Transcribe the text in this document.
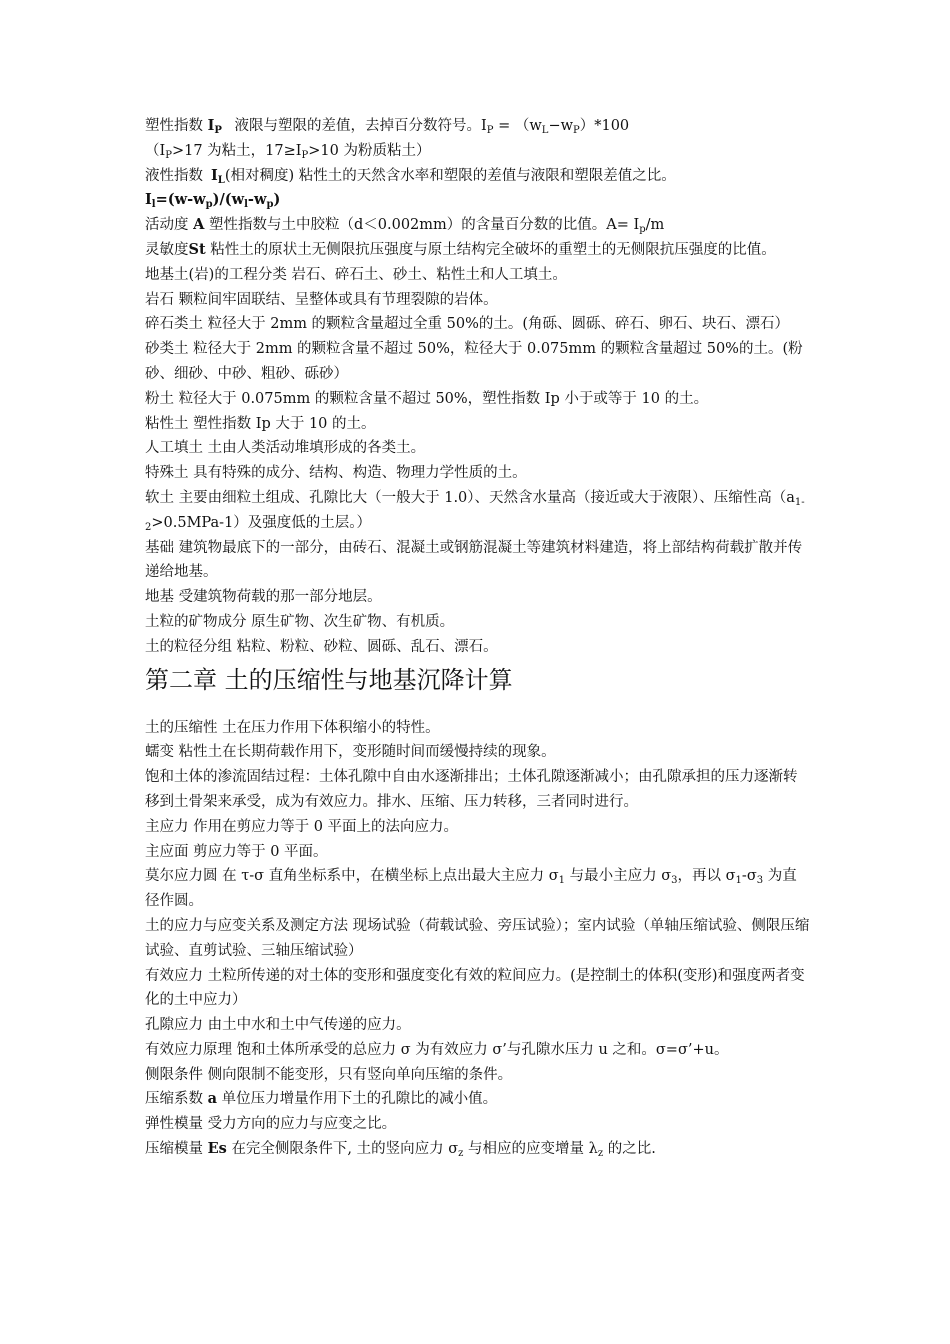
塑性指数 $I_P$ 液限与塑限的差值，去掉百分数符号。$I_P = (w_L-w_P)*100$

（$I_P>17$ 为粘土，$17\ge I_P>10$ 为粉质粘土）

液性指数 $I_L$(相对稠度) 粘性土的天然含水率和塑限的差值与液限和塑限差值之比。

$I_l=(w-w_p)/(w_l-w_p)$

活动度 A 塑性指数与土中胶粒（d＜0.002mm）的含量百分数的比值。$A= I_p/m$

灵敏度St 粘性土的原状土无侧限抗压强度与原土结构完全破坏的重塑土的无侧限抗压强度的比值。

地基土(岩)的工程分类 岩石、碎石土、砂土、粘性土和人工填土。

岩石 颗粒间牢固联结、呈整体或具有节理裂隙的岩体。

碎石类土 粒径大于 2mm 的颗粒含量超过全重 50%的土。(角砾、圆砾、碎石、卵石、块石、漂石）

砂类土 粒径大于 2mm 的颗粒含量不超过 50%，粒径大于 0.075mm 的颗粒含量超过 50%的土。(粉砂、细砂、中砂、粗砂、砾砂）

粉土 粒径大于 0.075mm 的颗粒含量不超过 50%，塑性指数 Ip 小于或等于 10 的土。

粘性土 塑性指数 Ip 大于 10 的土。

人工填土 土由人类活动堆填形成的各类土。

特殊土 具有特殊的成分、结构、构造、物理力学性质的土。

软土 主要由细粒土组成、孔隙比大（一般大于 1.0）、天然含水量高（接近或大于液限）、压缩性高$(a_{1-2}>0.5MPa-1)$及强度低的土层。）

基础 建筑物最底下的一部分，由砖石、混凝土或钢筋混凝土等建筑材料建造，将上部结构荷载扩散并传递给地基。

地基 受建筑物荷载的那一部分地层。

土粒的矿物成分 原生矿物、次生矿物、有机质。

土的粒径分组 粘粒、粉粒、砂粒、圆砾、乱石、漂石。

第二章 土的压缩性与地基沉降计算

土的压缩性 土在压力作用下体积缩小的特性。

蠕变 粘性土在长期荷载作用下，变形随时间而缓慢持续的现象。

饱和土体的渗流固结过程：土体孔隙中自由水逐渐排出；土体孔隙逐渐减小；由孔隙承担的压力逐渐转移到土骨架来承受，成为有效应力。排水、压缩、压力转移，三者同时进行。

主应力 作用在剪应力等于 0 平面上的法向应力。

主应面 剪应力等于 0 平面。

莫尔应力圆 在 τ-σ 直角坐标系中，在横坐标上点出最大主应力 $\sigma_1$ 与最小主应力 $\sigma_3$，再以 $\sigma_1-\sigma_3$ 为直径作圆。

土的应力与应变关系及测定方法 现场试验（荷载试验、旁压试验）；室内试验（单轴压缩试验、侧限压缩试验、直剪试验、三轴压缩试验）

有效应力 土粒所传递的对土体的变形和强度变化有效的粒间应力。(是控制土的体积(变形)和强度两者变化的土中应力）

孔隙应力 由土中水和土中气传递的应力。

有效应力原理 饱和土体所承受的总应力 σ 为有效应力 σ’与孔隙水压力 u 之和。σ=σ’+u。

侧限条件 侧向限制不能变形，只有竖向单向压缩的条件。

压缩系数 a 单位压力增量作用下土的孔隙比的减小值。

弹性模量 受力方向的应力与应变之比。

压缩模量 Es 在完全侧限条件下, 土的竖向应力 $\sigma_z$ 与相应的应变增量 $\lambda_z$ 的之比.
